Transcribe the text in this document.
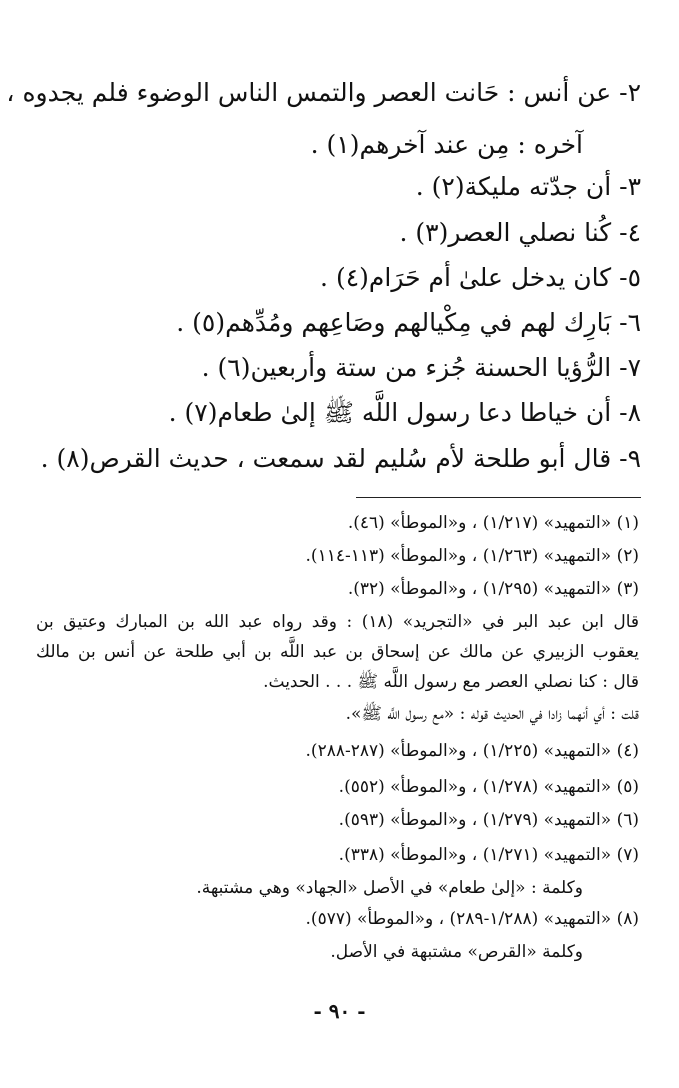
٢- عن أنس : حَانت العصر والتمس الناس الوضوء فلم يجدوه ،
آخره : مِن عند آخرهم(١) .
٣- أن جدّته مليكة(٢) .
٤- كُنا نصلي العصر(٣) .
٥- كان يدخل علىٰ أم حَرَام(٤) .
٦- بَارِك لهم في مِكْيالهم وصَاعِهم ومُدِّهم(٥) .
٧- الرُّؤيا الحسنة جُزء من ستة وأربعين(٦) .
٨- أن خياطا دعا رسول اللَّه ﷺ إلىٰ طعام(٧) .
٩- قال أبو طلحة لأم سُليم لقد سمعت ، حديث القرص(٨) .
(١) «التمهيد» (١/٢١٧) ، و«الموطأ» (٤٦).
(٢) «التمهيد» (١/٢٦٣) ، و«الموطأ» (١١٣-١١٤).
(٣) «التمهيد» (١/٢٩٥) ، و«الموطأ» (٣٢).
قال ابن عبد البر في «التجريد» (١٨) : وقد رواه عبد الله بن المبارك وعتيق بن
يعقوب الزبيري عن مالك عن إسحاق بن عبد اللَّه بن أبي طلحة عن أنس بن مالك
قال : كنا نصلي العصر مع رسول اللَّه ﷺ . . . الحديث.
قلت : أي أنهما زادا في الحديث قوله : «مع رسول اللَّه ﷺ».
(٤) «التمهيد» (١/٢٢٥) ، و«الموطأ» (٢٨٧-٢٨٨).
(٥) «التمهيد» (١/٢٧٨) ، و«الموطأ» (٥٥٢).
(٦) «التمهيد» (١/٢٧٩) ، و«الموطأ» (٥٩٣).
(٧) «التمهيد» (١/٢٧١) ، و«الموطأ» (٣٣٨).
وكلمة : «إلىٰ طعام» في الأصل «الجهاد» وهي مشتبهة.
(٨) «التمهيد» (١/٢٨٨-٢٨٩) ، و«الموطأ» (٥٧٧).
وكلمة «القرص» مشتبهة في الأصل.
- ٩٠ -
